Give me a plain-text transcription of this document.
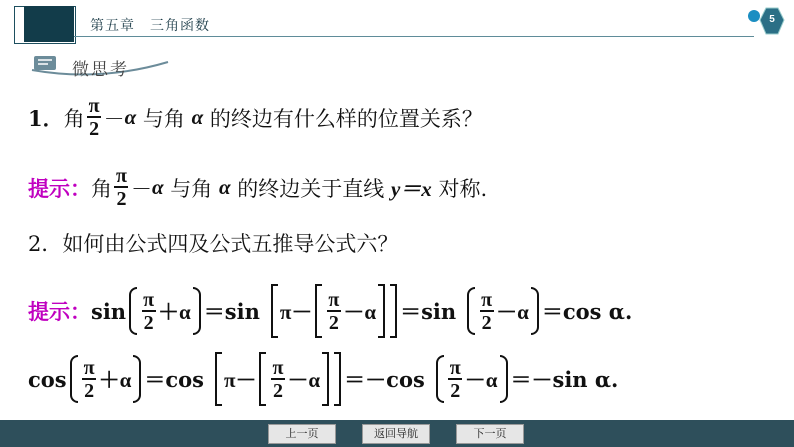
第五章　三角函数	5
微思考
1． 角 $\frac{\pi}{2} - \alpha$ 与角 α 的终边有什么样的位置关系？
提示： 角 $\frac{\pi}{2} - \alpha$ 与角 α 的终边关于直线 y＝x 对称.
2．如何由公式四及公式五推导公式六？
提示： $\sin \frac{\pi}{2} +\alpha =\sin$ $\pi- \frac{\pi}{2} -\alpha =\sin \frac{\pi}{2} -\alpha =\cos$ α.
$\cos \frac{\pi}{2} +\alpha =\cos$ $\pi- \frac{\pi}{2} -\alpha =-\cos \frac{\pi}{2} -\alpha =-\sin$ α.
上一页	返回导航	下一页
